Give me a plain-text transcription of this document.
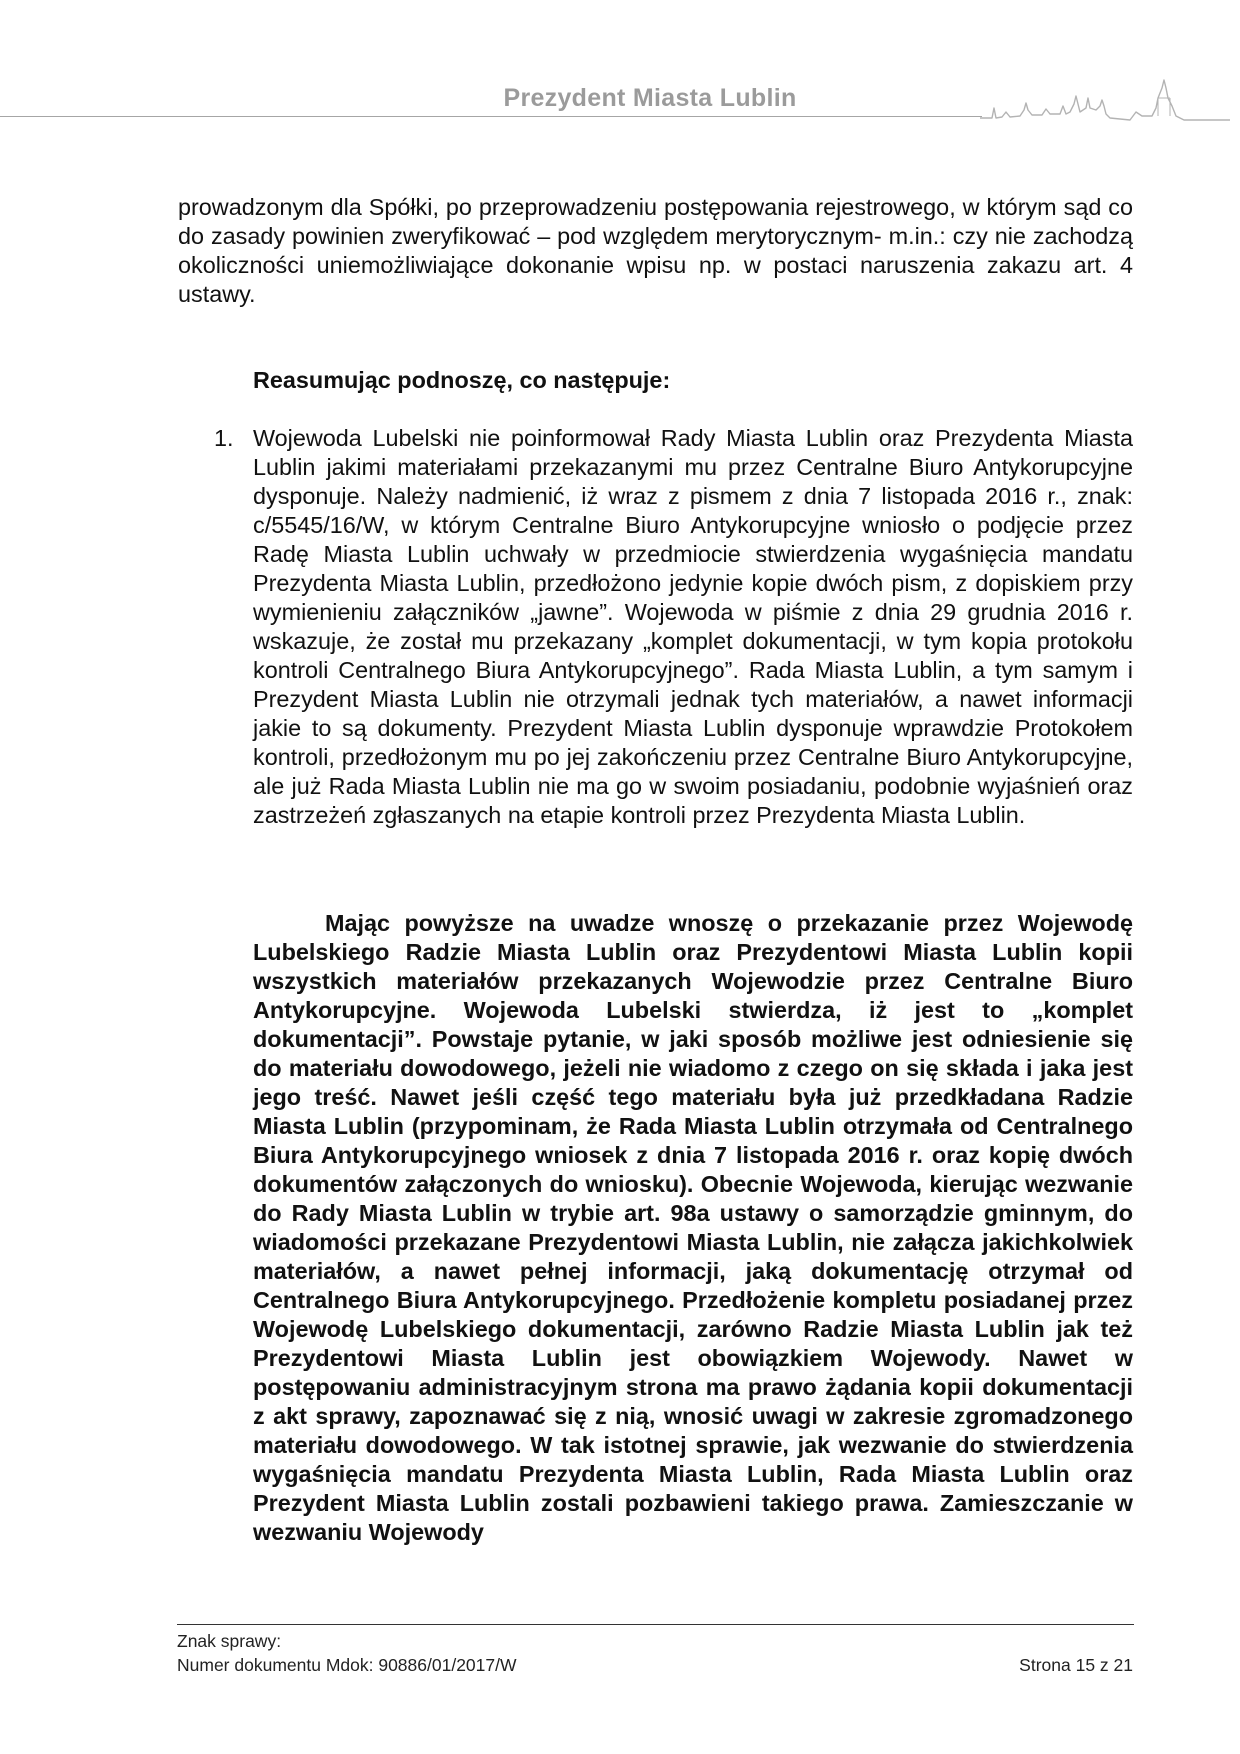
Prezydent Miasta Lublin
prowadzonym dla Spółki, po przeprowadzeniu postępowania rejestrowego, w którym sąd co do zasady powinien zweryfikować – pod względem merytorycznym- m.in.: czy nie zachodzą okoliczności uniemożliwiające dokonanie wpisu np. w postaci naruszenia zakazu art. 4 ustawy.
Reasumując podnoszę, co następuje:
1. Wojewoda Lubelski nie poinformował Rady Miasta Lublin oraz Prezydenta Miasta Lublin jakimi materiałami przekazanymi mu przez Centralne Biuro Antykorupcyjne dysponuje. Należy nadmienić, iż wraz z pismem z dnia 7 listopada 2016 r., znak: c/5545/16/W, w którym Centralne Biuro Antykorupcyjne wniosło o podjęcie przez Radę Miasta Lublin uchwały w przedmiocie stwierdzenia wygaśnięcia mandatu Prezydenta Miasta Lublin, przedłożono jedynie kopie dwóch pism, z dopiskiem przy wymienieniu załączników „jawne”. Wojewoda w piśmie z dnia 29 grudnia 2016 r. wskazuje, że został mu przekazany „komplet dokumentacji, w tym kopia protokołu kontroli Centralnego Biura Antykorupcyjnego”. Rada Miasta Lublin, a tym samym i Prezydent Miasta Lublin nie otrzymali jednak tych materiałów, a nawet informacji jakie to są dokumenty. Prezydent Miasta Lublin dysponuje wprawdzie Protokołem kontroli, przedłożonym mu po jej zakończeniu przez Centralne Biuro Antykorupcyjne, ale już Rada Miasta Lublin nie ma go w swoim posiadaniu, podobnie wyjaśnień oraz zastrzeżeń zgłaszanych na etapie kontroli przez Prezydenta Miasta Lublin.
Mając powyższe na uwadze wnoszę o przekazanie przez Wojewodę Lubelskiego Radzie Miasta Lublin oraz Prezydentowi Miasta Lublin kopii wszystkich materiałów przekazanych Wojewodzie przez Centralne Biuro Antykorupcyjne. Wojewoda Lubelski stwierdza, iż jest to „komplet dokumentacji”. Powstaje pytanie, w jaki sposób możliwe jest odniesienie się do materiału dowodowego, jeżeli nie wiadomo z czego on się składa i jaka jest jego treść. Nawet jeśli część tego materiału była już przedkładana Radzie Miasta Lublin (przypominam, że Rada Miasta Lublin otrzymała od Centralnego Biura Antykorupcyjnego wniosek z dnia 7 listopada 2016 r. oraz kopię dwóch dokumentów załączonych do wniosku). Obecnie Wojewoda, kierując wezwanie do Rady Miasta Lublin w trybie art. 98a ustawy o samorządzie gminnym, do wiadomości przekazane Prezydentowi Miasta Lublin, nie załącza jakichkolwiek materiałów, a nawet pełnej informacji, jaką dokumentację otrzymał od Centralnego Biura Antykorupcyjnego. Przedłożenie kompletu posiadanej przez Wojewodę Lubelskiego dokumentacji, zarówno Radzie Miasta Lublin jak też Prezydentowi Miasta Lublin jest obowiązkiem Wojewody. Nawet w postępowaniu administracyjnym strona ma prawo żądania kopii dokumentacji z akt sprawy, zapoznawać się z nią, wnosić uwagi w zakresie zgromadzonego materiału dowodowego. W tak istotnej sprawie, jak wezwanie do stwierdzenia wygaśnięcia mandatu Prezydenta Miasta Lublin, Rada Miasta Lublin oraz Prezydent Miasta Lublin zostali pozbawieni takiego prawa. Zamieszczanie w wezwaniu Wojewody
Znak sprawy:
Numer dokumentu Mdok: 90886/01/2017/W	Strona 15 z 21
